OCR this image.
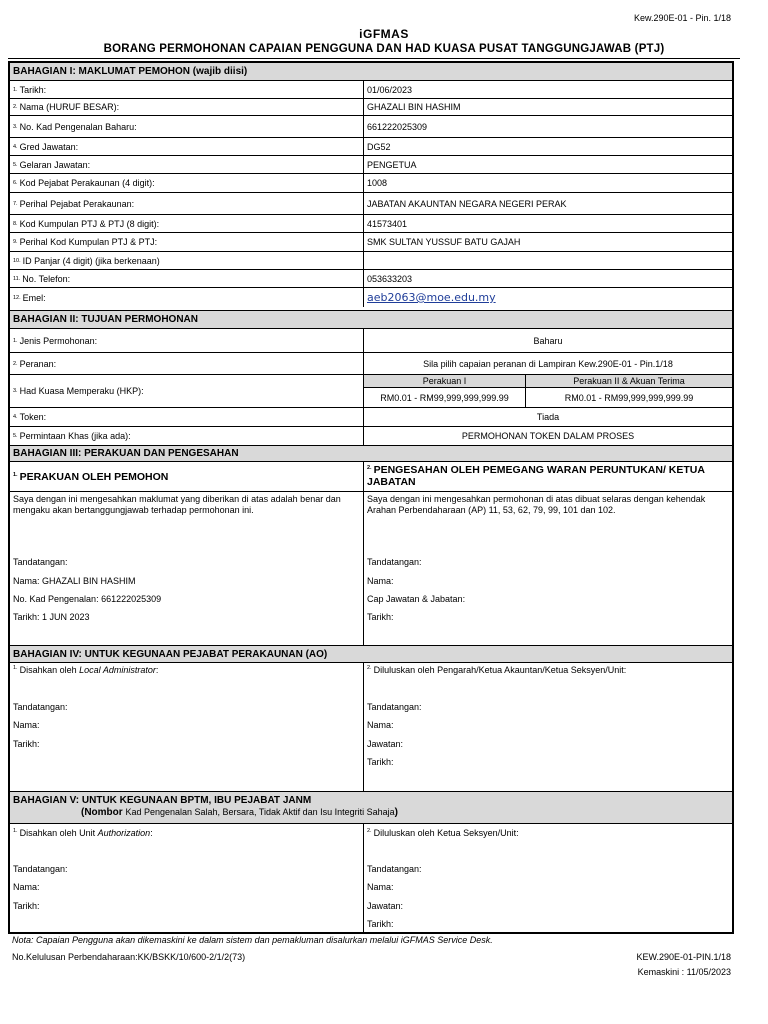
Kew.290E-01 - Pin. 1/18
iGFMAS
BORANG PERMOHONAN CAPAIAN PENGGUNA DAN HAD KUASA PUSAT TANGGUNGJAWAB (PTJ)
BAHAGIAN I: MAKLUMAT PEMOHON (wajib diisi)
1. Tarikh:	01/06/2023
2. Nama (HURUF BESAR):	GHAZALI BIN HASHIM
3. No. Kad Pengenalan Baharu:	661222025309
4. Gred Jawatan:	DG52
5. Gelaran Jawatan:	PENGETUA
6. Kod Pejabat Perakaunan (4 digit):	1008
7. Perihal Pejabat Perakaunan:	JABATAN AKAUNTAN NEGARA NEGERI PERAK
8. Kod Kumpulan PTJ & PTJ (8 digit):	41573401
9. Perihal Kod Kumpulan PTJ & PTJ:	SMK SULTAN YUSSUF BATU GAJAH
10. ID Panjar (4 digit) (jika berkenaan)
11. No. Telefon:	053633203
12. Emel:	aeb2063@moe.edu.my
BAHAGIAN II: TUJUAN PERMOHONAN
1. Jenis Permohonan:	Baharu
2. Peranan:	Sila pilih capaian peranan di Lampiran Kew.290E-01 - Pin.1/18
3. Had Kuasa Memperaku (HKP):
Perakuan I	Perakuan II & Akuan Terima
RM0.01 - RM99,999,999,999.99	RM0.01 - RM99,999,999,999.99
4. Token:	Tiada
5. Permintaan Khas (jika ada):	PERMOHONAN TOKEN DALAM PROSES
BAHAGIAN III: PERAKUAN DAN PENGESAHAN
$^{1.}$ PERAKUAN OLEH PEMOHON
$^{2.}$ PENGESAHAN OLEH PEMEGANG WARAN PERUNTUKAN/ KETUA JABATAN
Saya dengan ini mengesahkan maklumat yang diberikan di atas adalah benar dan mengaku akan bertanggungjawab terhadap permohonan ini.
Tandatangan:
Nama: GHAZALI BIN HASHIM
No. Kad Pengenalan: 661222025309
Tarikh: 1 JUN 2023
Saya dengan ini mengesahkan permohonan di atas dibuat selaras dengan kehendak Arahan Perbendaharaan (AP) 11, 53, 62, 79, 99, 101 dan 102.
Tandatangan:
Nama:
Cap Jawatan & Jabatan:
Tarikh:
BAHAGIAN IV: UNTUK KEGUNAAN PEJABAT PERAKAUNAN (AO)
$^{1.}$ Disahkan oleh Local Administrator:
Tandatangan:
Nama:
Tarikh:
$^{2.}$ Diluluskan oleh Pengarah/Ketua Akauntan/Ketua Seksyen/Unit:
Tandatangan:
Nama:
Jawatan:
Tarikh:
BAHAGIAN V: UNTUK KEGUNAAN BPTM, IBU PEJABAT JANM
(Nombor Kad Pengenalan Salah, Bersara, Tidak Aktif dan Isu Integriti Sahaja)
$^{1.}$ Disahkan oleh Unit Authorization:
Tandatangan:
Nama:
Tarikh:
$^{2.}$ Diluluskan oleh Ketua Seksyen/Unit:
Tandatangan:
Nama:
Jawatan:
Tarikh:
Nota: Capaian Pengguna akan dikemaskini ke dalam sistem dan pemakluman disalurkan melalui iGFMAS Service Desk.
No.Kelulusan Perbendaharaan:KK/BSKK/10/600-2/1/2(73)	KEW.290E-01-PIN.1/18
Kemaskini : 11/05/2023
